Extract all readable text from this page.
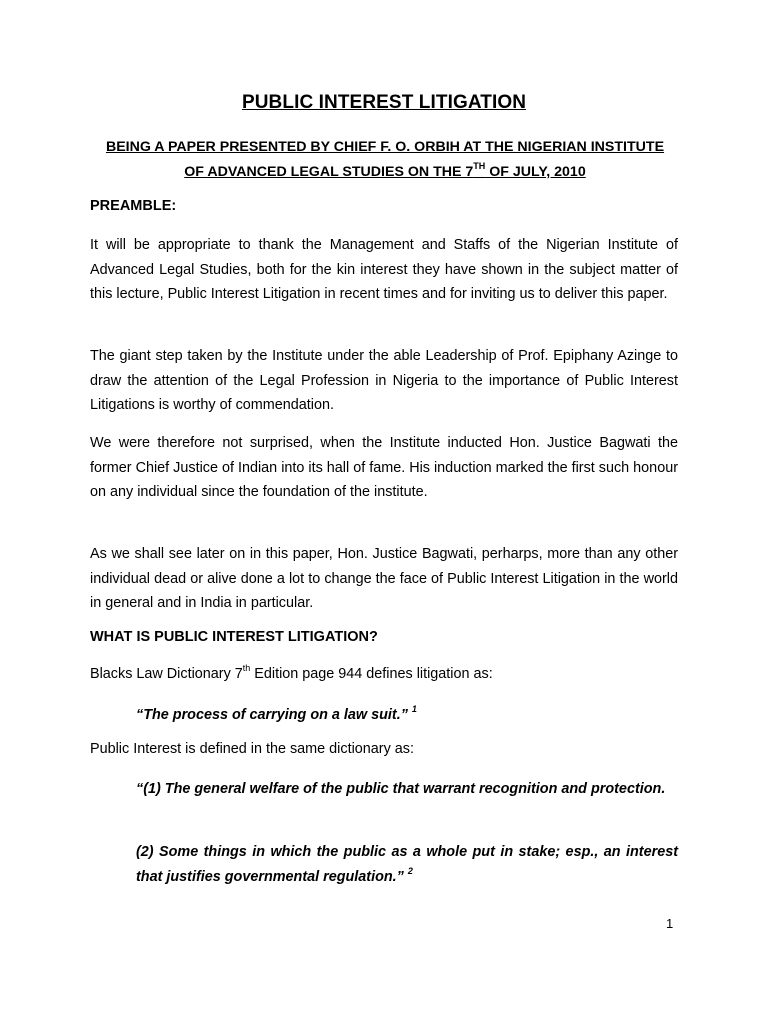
PUBLIC INTEREST LITIGATION
BEING A PAPER PRESENTED BY CHIEF F. O. ORBIH AT THE NIGERIAN INSTITUTE
OF ADVANCED LEGAL STUDIES ON THE 7TH OF JULY, 2010
PREAMBLE:
It will be appropriate to thank the Management and Staffs of the Nigerian Institute of Advanced Legal Studies, both for the kin interest they have shown in the subject matter of this lecture, Public Interest Litigation in recent times and for inviting us to deliver this paper.
The giant step taken by the Institute under the able Leadership of Prof. Epiphany Azinge to draw the attention of the Legal Profession in Nigeria to the importance of Public Interest Litigations is worthy of commendation.
We were therefore not surprised, when the Institute inducted Hon. Justice Bagwati the former Chief Justice of Indian into its hall of fame. His induction marked the first such honour on any individual since the foundation of the institute.
As we shall see later on in this paper, Hon. Justice Bagwati, perharps, more than any other individual dead or alive done a lot to change the face of Public Interest Litigation in the world in general and in India in particular.
WHAT IS PUBLIC INTEREST LITIGATION?
Blacks Law Dictionary 7th Edition page 944 defines litigation as:
“The process of carrying on a law suit.” $^1$
Public Interest is defined in the same dictionary as:
“(1) The general welfare of the public that warrant recognition and protection.
(2) Some things in which the public as a whole put in stake; esp., an interest that justifies governmental regulation.” $^2$
1
